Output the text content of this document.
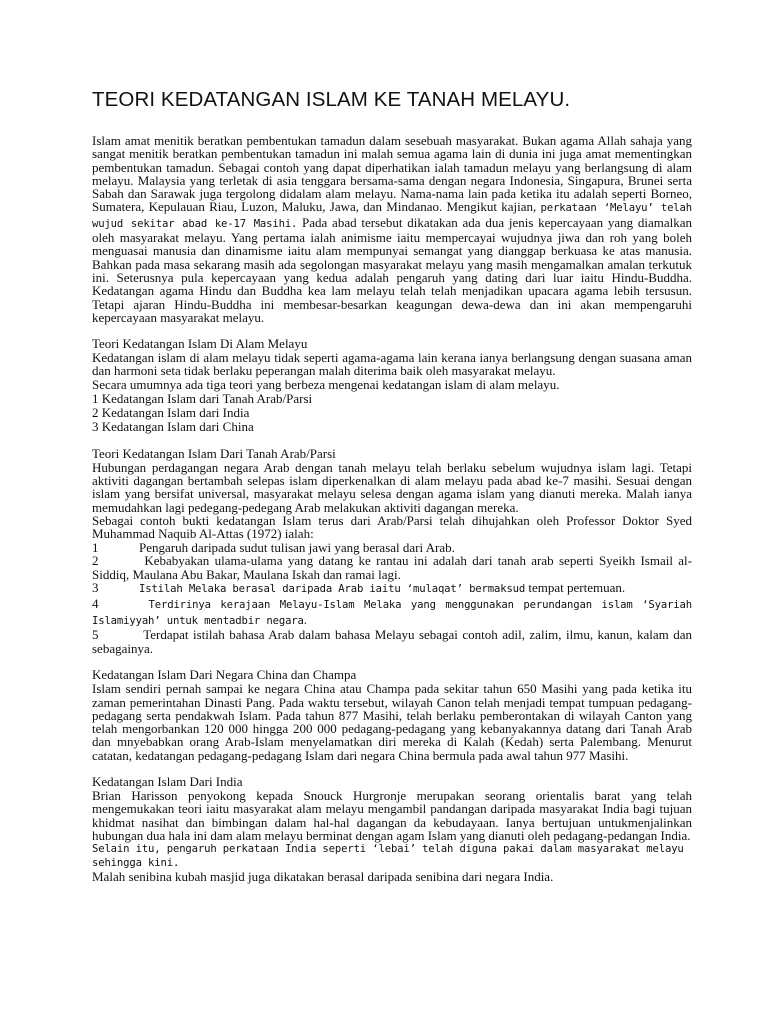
TEORI KEDATANGAN ISLAM KE TANAH MELAYU.

Islam amat menitik beratkan pembentukan tamadun dalam sesebuah masyarakat. Bukan agama Allah sahaja yang sangat menitik beratkan pembentukan tamadun ini malah semua agama lain di dunia ini juga amat mementingkan pembentukan tamadun. Sebagai contoh yang dapat diperhatikan ialah tamadun melayu yang berlangsung di alam melayu. Malaysia yang terletak di asia tenggara bersama-sama dengan negara Indonesia, Singapura, Brunei serta Sabah dan Sarawak juga tergolong didalam alam melayu. Nama-nama lain pada ketika itu adalah seperti Borneo, Sumatera, Kepulauan Riau, Luzon, Maluku, Jawa, dan Mindanao. Mengikut kajian, perkataan ‘Melayu’ telah wujud sekitar abad ke-17 Masihi. Pada abad tersebut dikatakan ada dua jenis kepercayaan yang diamalkan oleh masyarakat melayu. Yang pertama ialah animisme iaitu mempercayai wujudnya jiwa dan roh yang boleh menguasai manusia dan dinamisme iaitu alam mempunyai semangat yang dianggap berkuasa ke atas manusia. Bahkan pada masa sekarang masih ada segolongan masyarakat melayu yang masih mengamalkan amalan terkutuk ini. Seterusnya pula kepercayaan yang kedua adalah pengaruh yang dating dari luar iaitu Hindu-Buddha. Kedatangan agama Hindu dan Buddha kea lam melayu telah telah menjadikan upacara agama lebih tersusun. Tetapi ajaran Hindu-Buddha ini membesar-besarkan keagungan dewa-dewa dan ini akan mempengaruhi kepercayaan masyarakat melayu.

Teori Kedatangan Islam Di Alam Melayu

Kedatangan islam di alam melayu tidak seperti agama-agama lain kerana ianya berlangsung dengan suasana aman dan harmoni seta tidak berlaku peperangan malah diterima baik oleh masyarakat melayu.

Secara umumnya ada tiga teori yang berbeza mengenai kedatangan islam di alam melayu.

1 Kedatangan Islam dari Tanah Arab/Parsi

2 Kedatangan Islam dari India

3 Kedatangan Islam dari China

Teori Kedatangan Islam Dari Tanah Arab/Parsi

Hubungan perdagangan negara Arab dengan tanah melayu telah berlaku sebelum wujudnya islam lagi. Tetapi aktiviti dagangan bertambah selepas islam diperkenalkan di alam melayu pada abad ke-7 masihi. Sesuai dengan islam yang bersifat universal, masyarakat melayu selesa dengan agama islam yang dianuti mereka. Malah ianya memudahkan lagi pedegang-pedegang Arab melakukan aktiviti dagangan mereka.

Sebagai contoh bukti kedatangan Islam terus dari Arab/Parsi telah dihujahkan oleh Professor Doktor Syed Muhammad Naquib Al-Attas (1972) ialah:

1	Pengaruh daripada sudut tulisan jawi yang berasal dari Arab.

2	Kebabyakan ulama-ulama yang datang ke rantau ini adalah dari tanah arab seperti Syeikh Ismail al-Siddiq, Maulana Abu Bakar, Maulana Iskah dan ramai lagi.

3	Istilah Melaka berasal daripada Arab iaitu ‘mulaqat’ bermaksud tempat pertemuan.

4	Terdirinya kerajaan Melayu-Islam Melaka yang menggunakan perundangan islam ‘Syariah Islamiyyah’ untuk mentadbir negara.

5	Terdapat istilah bahasa Arab dalam bahasa Melayu sebagai contoh adil, zalim, ilmu, kanun, kalam dan sebagainya.

Kedatangan Islam Dari Negara China dan Champa

Islam sendiri pernah sampai ke negara China atau Champa pada sekitar tahun 650 Masihi yang pada ketika itu zaman pemerintahan Dinasti Pang. Pada waktu tersebut, wilayah Canon telah menjadi tempat tumpuan pedagang-pedagang serta pendakwah Islam. Pada tahun 877 Masihi, telah berlaku pemberontakan di wilayah Canton yang telah mengorbankan 120 000 hingga 200 000 pedagang-pedagang yang kebanyakannya datang dari Tanah Arab dan mnyebabkan orang Arab-Islam menyelamatkan diri mereka di Kalah (Kedah) serta Palembang. Menurut catatan, kedatangan pedagang-pedagang Islam dari negara China bermula pada awal tahun 977 Masihi.

Kedatangan Islam Dari India

Brian Harisson penyokong kepada Snouck Hurgronje merupakan seorang orientalis barat yang telah mengemukakan teori iaitu masyarakat alam melayu mengambil pandangan daripada masyarakat India bagi tujuan khidmat nasihat dan bimbingan dalam hal-hal dagangan da kebudayaan. Ianya bertujuan untukmenjalinkan hubungan dua hala ini dam alam melayu berminat dengan agam Islam yang dianuti oleh pedagang-pedangan India.

Selain itu, pengaruh perkataan India seperti ‘lebai’ telah diguna pakai dalam masyarakat melayu sehingga kini.

Malah senibina kubah masjid juga dikatakan berasal daripada senibina dari negara India.
